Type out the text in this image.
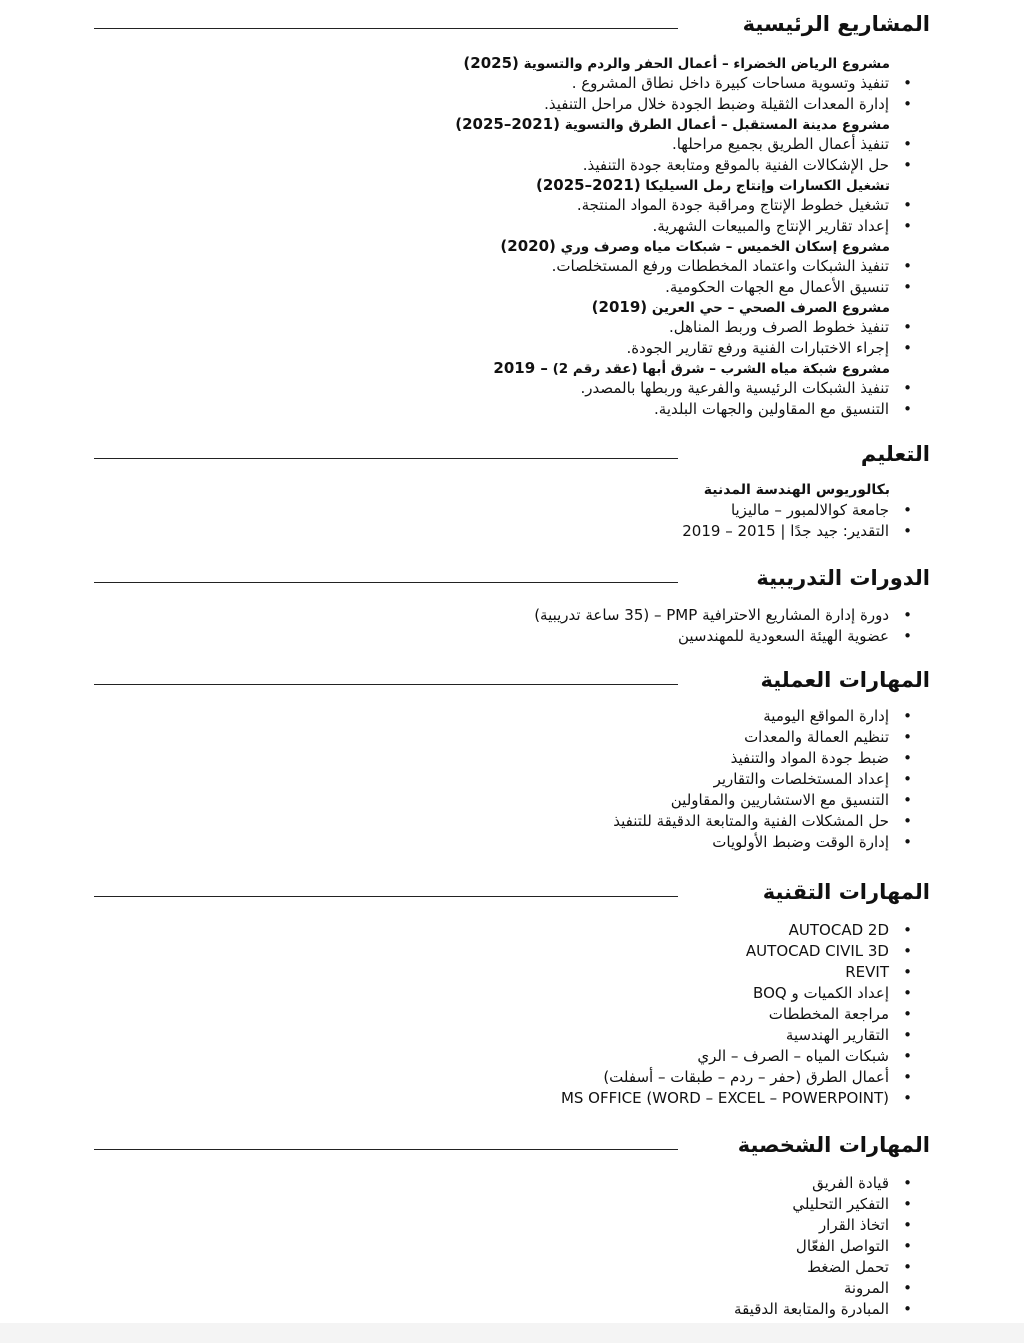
المشاريع الرئيسية
مشروع الرياض الخضراء – أعمال الحفر والردم والتسوية (2025)
•
تنفيذ وتسوية مساحات كبيرة داخل نطاق المشروع .
•
إدارة المعدات الثقيلة وضبط الجودة خلال مراحل التنفيذ.
مشروع مدينة المستقبل – أعمال الطرق والتسوية (2021–2025)
•
تنفيذ أعمال الطريق بجميع مراحلها.
•
حل الإشكالات الفنية بالموقع ومتابعة جودة التنفيذ.
تشغيل الكسارات وإنتاج رمل السيليكا (2021–2025)
•
تشغيل خطوط الإنتاج ومراقبة جودة المواد المنتجة.
•
إعداد تقارير الإنتاج والمبيعات الشهرية.
مشروع إسكان الخميس – شبكات مياه وصرف وري (2020)
•
تنفيذ الشبكات واعتماد المخططات ورفع المستخلصات.
•
تنسيق الأعمال مع الجهات الحكومية.
مشروع الصرف الصحي – حي العرين (2019)
•
تنفيذ خطوط الصرف وربط المناهل.
•
إجراء الاختبارات الفنية ورفع تقارير الجودة.
مشروع شبكة مياه الشرب – شرق أبها (عقد رقم 2) – 2019
•
تنفيذ الشبكات الرئيسية والفرعية وربطها بالمصدر.
•
التنسيق مع المقاولين والجهات البلدية.
التعليم
بكالوريوس الهندسة المدنية
•
جامعة كوالالمبور – ماليزيا
•
التقدير: جيد جدًا | 2015 – 2019
الدورات التدريبية
•
دورة إدارة المشاريع الاحترافية PMP – (35 ساعة تدريبية)
•
عضوية الهيئة السعودية للمهندسين
المهارات العملية
•
إدارة المواقع اليومية
•
تنظيم العمالة والمعدات
•
ضبط جودة المواد والتنفيذ
•
إعداد المستخلصات والتقارير
•
التنسيق مع الاستشاريين والمقاولين
•
حل المشكلات الفنية والمتابعة الدقيقة للتنفيذ
•
إدارة الوقت وضبط الأولويات
المهارات التقنية
•
AUTOCAD 2D
•
AUTOCAD CIVIL 3D
•
REVIT
•
إعداد الكميات و BOQ
•
مراجعة المخططات
•
التقارير الهندسية
•
شبكات المياه – الصرف – الري
•
أعمال الطرق (حفر – ردم – طبقات – أسفلت)
•
MS OFFICE (WORD – EXCEL – POWERPOINT)
المهارات الشخصية
•
قيادة الفريق
•
التفكير التحليلي
•
اتخاذ القرار
•
التواصل الفعّال
•
تحمل الضغط
•
المرونة
•
المبادرة والمتابعة الدقيقة
